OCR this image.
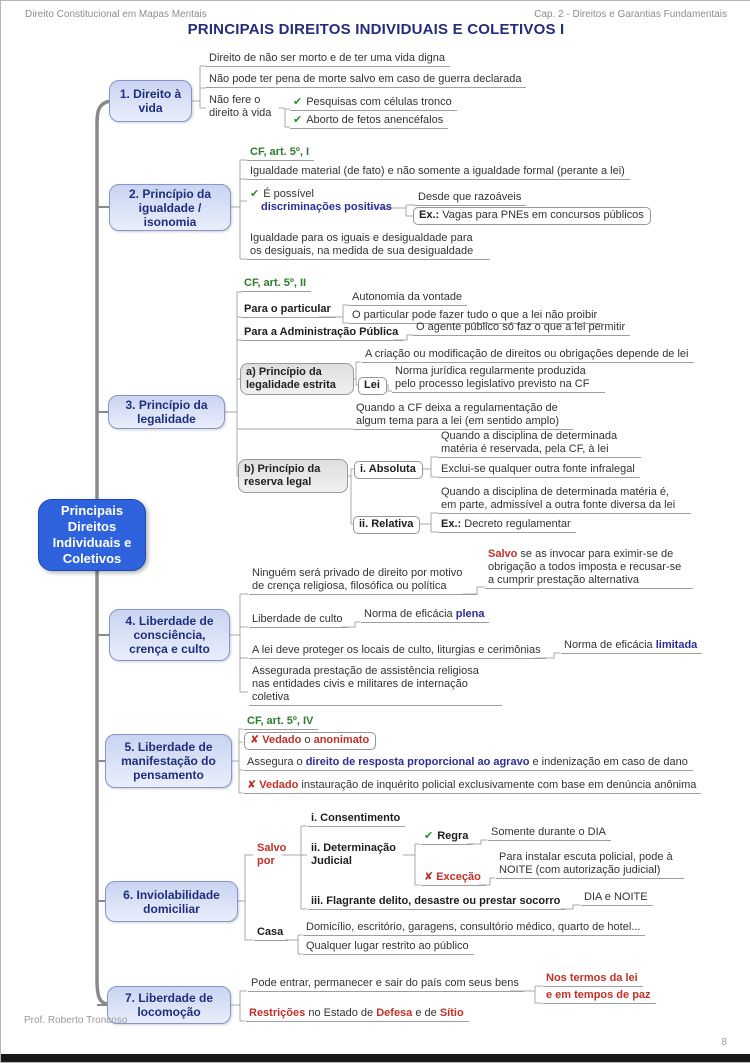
Direito Constitucional em Mapas Mentais	Cap. 2 - Direitos e Garantias Fundamentais
PRINCIPAIS DIREITOS INDIVIDUAIS E COLETIVOS I
Principais Direitos Individuais e Coletivos
1. Direito à vida
2. Princípio da igualdade / isonomia
3. Princípio da legalidade
4. Liberdade de consciência, crença e culto
5. Liberdade de manifestação do pensamento
6. Inviolabilidade domiciliar
7. Liberdade de locomoção
Direito de não ser morto e de ter uma vida digna
Não pode ter pena de morte salvo em caso de guerra declarada
Não fere o direito à vida
✔ Pesquisas com células tronco
✔ Aborto de fetos anencéfalos
CF, art. 5º, I
Igualdade material (de fato) e não somente a igualdade formal (perante a lei)
✔ É possível
discriminações positivas
Desde que razoáveis
Ex.: Vagas para PNEs em concursos públicos
Igualdade para os iguais e desigualdade para os desiguais, na medida de sua desigualdade
CF, art. 5º, II
Para o particular
Autonomia da vontade
O particular pode fazer tudo o que a lei não proibir
Para a Administração Pública	O agente público só faz o que a lei permitir
A criação ou modificação de direitos ou obrigações depende de lei
a) Princípio da legalidade estrita	Lei
Norma jurídica regularmente produzida pelo processo legislativo previsto na CF
Quando a CF deixa a regulamentação de algum tema para a lei (em sentido amplo)
b) Princípio da reserva legal
i. Absoluta
Quando a disciplina de determinada matéria é reservada, pela CF, à lei
Exclui-se qualquer outra fonte infralegal
ii. Relativa
Quando a disciplina de determinada matéria é, em parte, admissível a outra fonte diversa da lei
Ex.: Decreto regulamentar
Ninguém será privado de direito por motivo de crença religiosa, filosófica ou política
Salvo se as invocar para eximir-se de obrigação a todos imposta e recusar-se a cumprir prestação alternativa
Liberdade de culto	Norma de eficácia plena
A lei deve proteger os locais de culto, liturgias e cerimônias	Norma de eficácia limitada
Assegurada prestação de assistência religiosa nas entidades civis e militares de internação coletiva
CF, art. 5º, IV
✘ Vedado o anonimato
Assegura o direito de resposta proporcional ao agravo e indenização em caso de dano
✘ Vedado instauração de inquérito policial exclusivamente com base em denúncia anônima
Salvo por
i. Consentimento
ii. Determinação Judicial
✔ Regra	Somente durante o DIA
✘ Exceção
Para instalar escuta policial, pode à NOITE (com autorização judicial)
iii. Flagrante delito, desastre ou prestar socorro	DIA e NOITE
Casa	Domicílio, escritório, garagens, consultório médico, quarto de hotel...
Qualquer lugar restrito ao público
Pode entrar, permanecer e sair do país com seus bens	Nos termos da lei
e em tempos de paz
Restrições no Estado de Defesa e de Sítio
Prof. Roberto Troncoso
8
